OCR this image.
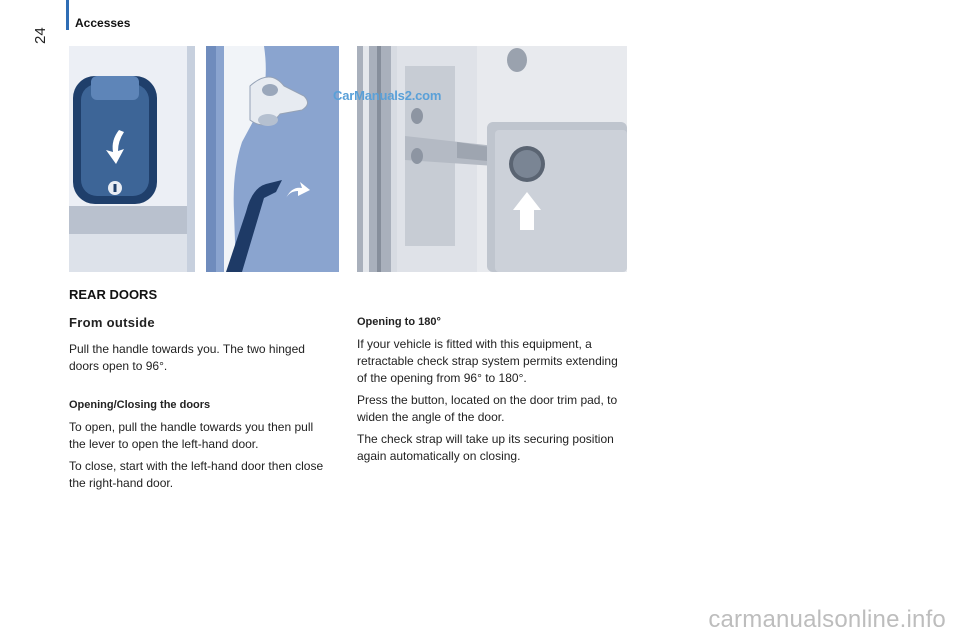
24
Accesses
CarManuals2.com
REAR DOORS
From outside

Pull the handle towards you. The two hinged doors open to 96°.

Opening/Closing the doors

To open, pull the handle towards you then pull the lever to open the left-hand door.

To close, start with the left-hand door then close the right-hand door.

Opening to 180°

If your vehicle is fitted with this equipment, a retractable check strap system permits extending of the opening from 96° to 180°.

Press the button, located on the door trim pad, to widen the angle of the door.

The check strap will take up its securing position again automatically on closing.

carmanualsonline.info
